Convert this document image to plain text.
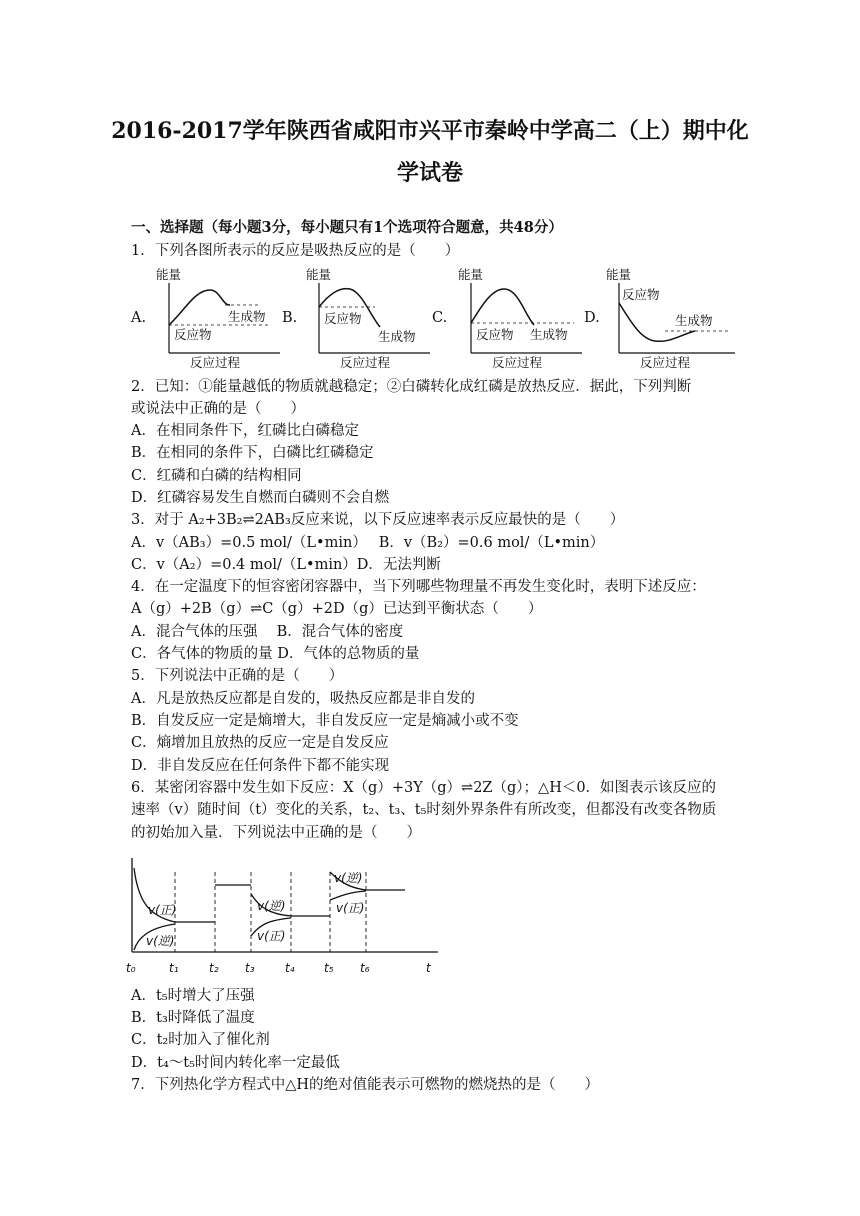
2016-2017学年陕西省咸阳市兴平市秦岭中学高二（上）期中化
学试卷
一、选择题（每小题3分，每小题只有1个选项符合题意，共48分）
1．下列各图所表示的反应是吸热反应的是（　　）
A.	B.	C.	D.
能量
反应物
生成物
反应过程
能量
反应物
生成物
反应过程
能量
反应物 生成物
反应过程
能量
反应物
生成物
反应过程
2．已知：①能量越低的物质就越稳定；②白磷转化成红磷是放热反应．据此，下列判断
或说法中正确的是（　　）
A．在相同条件下，红磷比白磷稳定
B．在相同的条件下，白磷比红磷稳定
C．红磷和白磷的结构相同
D．红磷容易发生自燃而白磷则不会自燃
3．对于 A₂+3B₂⇌2AB₃反应来说，以下反应速率表示反应最快的是（　　）
A．v（AB₃）=0.5 mol/（L•min）　 B．v（B₂）=0.6 mol/（L•min）
C．v（A₂）=0.4 mol/（L•min）D．无法判断
4．在一定温度下的恒容密闭容器中，当下列哪些物理量不再发生变化时，表明下述反应：
A（g）+2B（g）⇌C（g）+2D（g）已达到平衡状态（　　）
A．混合气体的压强　 B．混合气体的密度
C．各气体的物质的量 D．气体的总物质的量
5．下列说法中正确的是（　　）
A．凡是放热反应都是自发的，吸热反应都是非自发的
B．自发反应一定是熵增大，非自发反应一定是熵减小或不变
C．熵增加且放热的反应一定是自发反应
D．非自发反应在任何条件下都不能实现
6．某密闭容器中发生如下反应：X（g）+3Y（g）⇌2Z（g）；△H＜0．如图表示该反应的
速率（v）随时间（t）变化的关系，t₂、t₃、t₅时刻外界条件有所改变，但都没有改变各物质
的初始加入量．下列说法中正确的是（　　）
v(正)
v(逆)
v(逆)
v(正)
v(逆)
v(正)
t₀	t₁	t₂ t₃	t₄ t₅ t₆	t
A．t₅时增大了压强
B．t₃时降低了温度
C．t₂时加入了催化剂
D．t₄～t₅时间内转化率一定最低
7．下列热化学方程式中△H的绝对值能表示可燃物的燃烧热的是（　　）
